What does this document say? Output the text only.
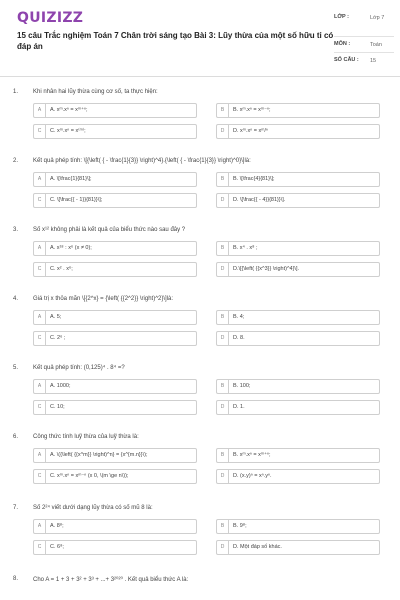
QUIZIZZ
15 câu Trắc nghiệm Toán 7 Chân trời sáng tạo Bài 3: Lũy thừa của một số hữu tỉ có đáp án
LỚP :	Lớp 7
MÔN :	Toán
SỐ CÂU : 15
1. Khi nhân hai lũy thừa cùng cơ số, ta thực hiện:
A	A. xᵐ.xⁿ = xᵐ⁺ⁿ;	B	B. xᵐ.xⁿ = xᵐ⁻ⁿ;
C	C. xᵐ.xⁿ = x⁽ᵐ⁾;	D	D. xᵐ.xⁿ = xᵐ/ⁿ
2. Kết quả phép tính: \[{\left( { - \frac{1}{3}} \right)^4}.{\left( { - \frac{1}{3}} \right)^0}\]là:
A	A. \[\frac{1}{81}\];	B	B. \[\frac{4}{81}\];
C	C. \[\frac{{ - 1}}{81}}\];	D	D. \[\frac{{ - 4}}{81}}\].
3. Số x¹² không phải là kết quả của biểu thức nào sau đây ?
A	A. x¹⁸ : x⁶ (x ≠ 0);	B	B. x⁴ . x⁸ ;
C	C. x² . x⁶;	D	D.\[{\left( {{x^3}} \right)^4}\].
4. Giá trị x thỏa mãn \[{2^x} = {\left( {{2^2}} \right)^2}\]là:
A	A. 5;	B	B. 4;
C	C. 2⁶ ;	D	D. 8.
5. Kết quả phép tính: (0,125)⁴ . 8⁴ =?
A	A. 1000;	B	B. 100;
C	C. 10;	D	D. 1.
6. Công thức tính luỹ thừa của luỹ thừa là:
A	A. \({\left( {{x^m}} \right)^n} = {x^{m.n}}\);	B	B. xᵐ.xⁿ = xᵐ⁺ⁿ;
C	C. xᵐ.xⁿ = xᵐ⁻ⁿ (x 0, \(m \ge n\));	D	D. (x.y)ⁿ = xⁿ.yⁿ.
7. Số 2²⁴ viết dưới dạng lũy thừa có số mũ 8 là:
A	A. 8⁸;	B	B. 9⁸;
C	C. 6⁸;	D	D. Một đáp số khác.
8. Cho A = 1 + 3 + 3² + 3³ + ...+ 3²⁰²⁰ . Kết quả biểu thức A là:
